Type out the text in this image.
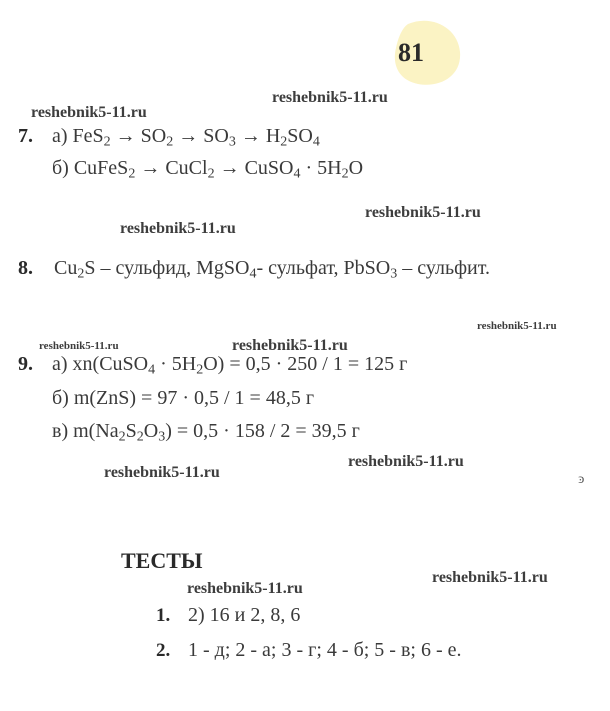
81
reshebnik5-11.ru
reshebnik5-11.ru
reshebnik5-11.ru
reshebnik5-11.ru
reshebnik5-11.ru
reshebnik5-11.ru	reshebnik5-11.ru
reshebnik5-11.ru
reshebnik5-11.ru
reshebnik5-11.ru
reshebnik5-11.ru
7. а) $FeS_2 \to SO_2 \to SO_3 \to H_2SO_4$
б) CuFeS$_2$ → CuCl$_2$ → CuSO$_4$ · $5H_2O$
8. $Cu_2S$ – сульфид, MgSO$_4$- сульфат, PbSO$_3$ – сульфит.
9. а) xn(CuSO$_4$ · $5H_2O) = 0,5 \cdot 250 / 1 = 125$ г
б) m(ZnS) = 97 · 0,5 / 1 = 48,5 г
в) $m(Na_2S_2O_3) = 0,5 \cdot 158 / 2 = 39,5$ г
ͽ
ТЕСТЫ
1. 2) 16 и 2, 8, 6
2. 1 - д; 2 - а; 3 - г; 4 - б; 5 - в; 6 - е.
